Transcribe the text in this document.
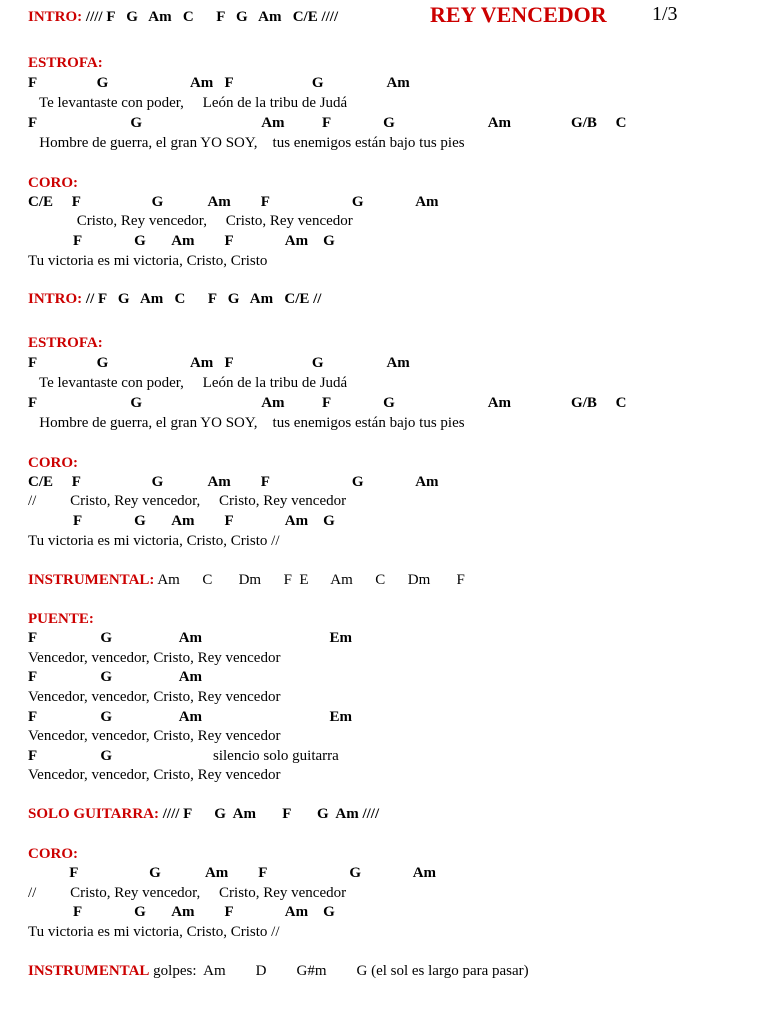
INTRO: //// F   G   Am   C      F   G   Am   C/E ////	REY VENCEDOR 1/3
ESTROFA:
F                G                      Am   F                     G                 Am
Te levantaste con poder,     León de la tribu de Judá
F                         G                                Am          F              G                         Am                G/B     C
Hombre de guerra, el gran YO SOY,    tus enemigos están bajo tus pies
CORO:
C/E     F                   G            Am        F                      G              Am
Cristo, Rey vencedor,     Cristo, Rey vencedor
F              G       Am        F              Am    G
Tu victoria es mi victoria, Cristo, Cristo
INTRO: // F   G   Am   C      F   G   Am   C/E //
ESTROFA:
F                G                      Am   F                     G                 Am
Te levantaste con poder,     León de la tribu de Judá
F                         G                                Am          F              G                         Am                G/B     C
Hombre de guerra, el gran YO SOY,    tus enemigos están bajo tus pies
CORO:
C/E     F                   G            Am        F                      G              Am
//         Cristo, Rey vencedor,     Cristo, Rey vencedor
F              G       Am        F              Am    G
Tu victoria es mi victoria, Cristo, Cristo //
INSTRUMENTAL: Am      C       Dm      F  E      Am      C      Dm       F
PUENTE:
F                 G                  Am                                  Em
Vencedor, vencedor, Cristo, Rey vencedor
F                 G                  Am
Vencedor, vencedor, Cristo, Rey vencedor
F                 G                  Am                                  Em
Vencedor, vencedor, Cristo, Rey vencedor
F                 G	silencio solo guitarra
Vencedor, vencedor, Cristo, Rey vencedor
SOLO GUITARRA: //// F      G  Am       F       G  Am ////
CORO:
F                   G            Am        F                      G              Am
//         Cristo, Rey vencedor,     Cristo, Rey vencedor
F              G       Am        F              Am    G
Tu victoria es mi victoria, Cristo, Cristo //
INSTRUMENTAL golpes:  Am        D        G#m        G (el sol es largo para pasar)
